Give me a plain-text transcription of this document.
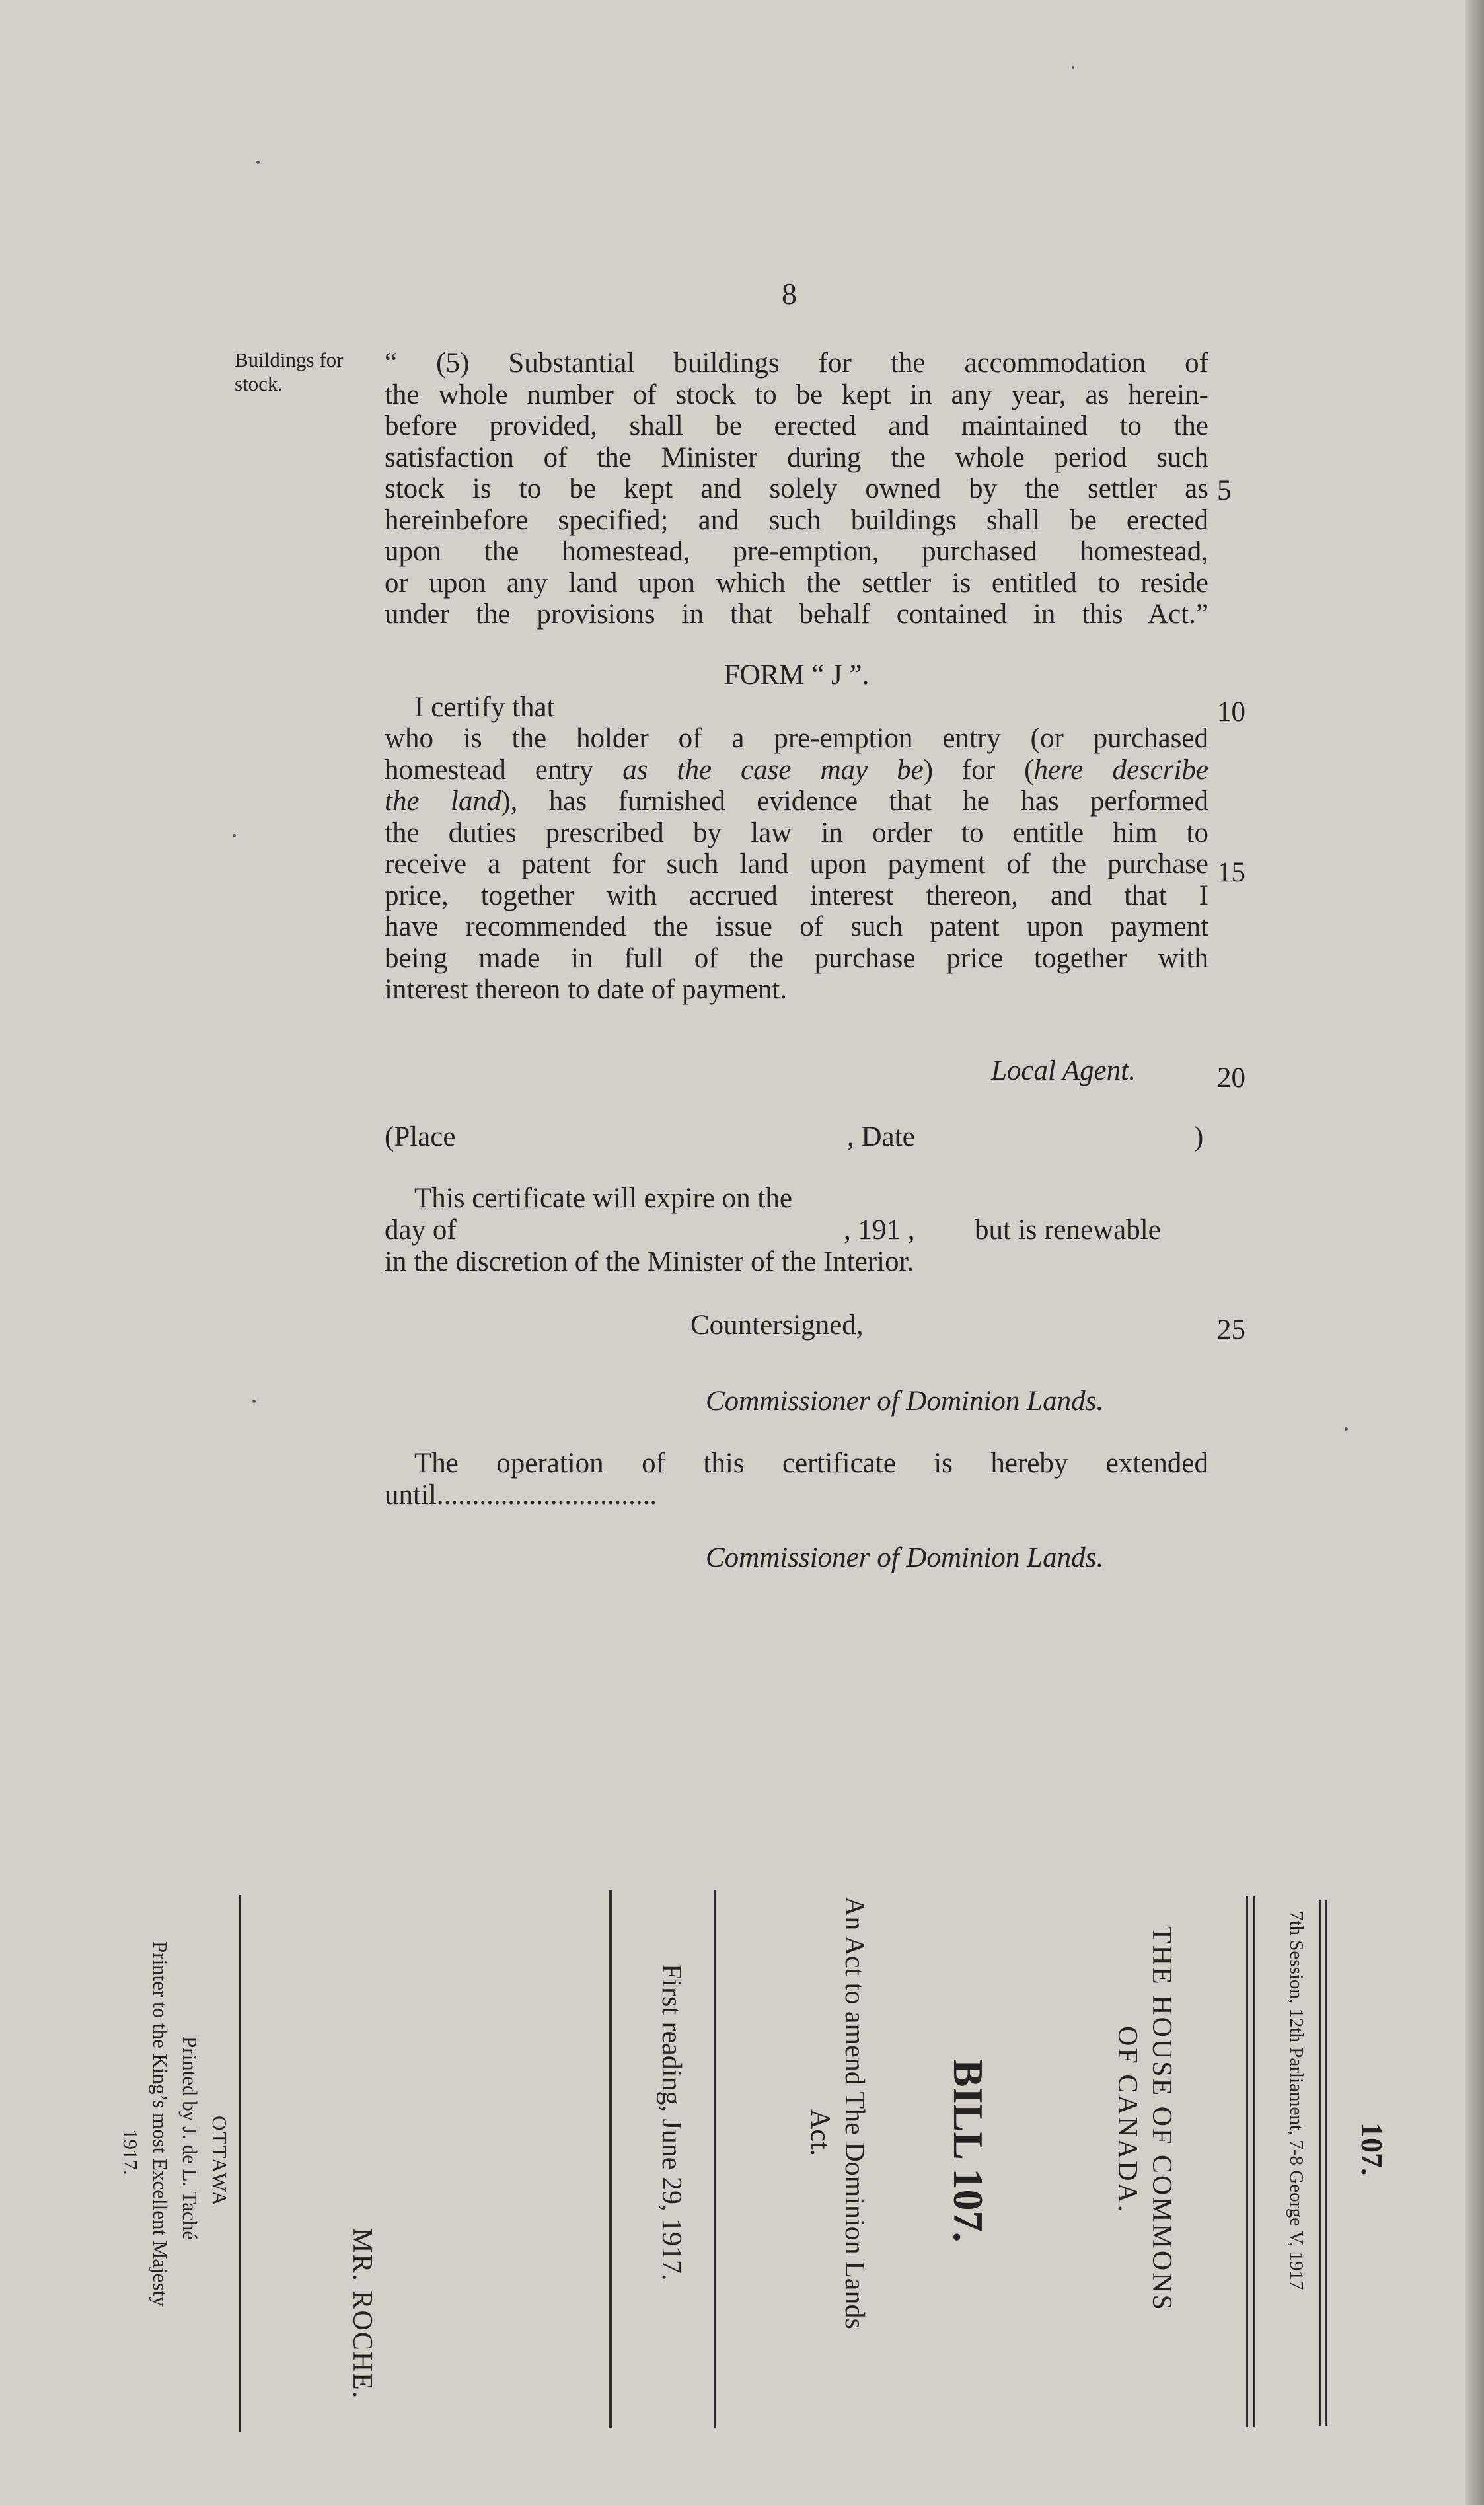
8
Buildings for
stock.
“ (5) Substantial buildings for the accommodation of
the whole number of stock to be kept in any year, as herein-
before provided, shall be erected and maintained to the
satisfaction of the Minister during the whole period such
stock is to be kept and solely owned by the settler as
hereinbefore specified; and such buildings shall be erected
upon the homestead, pre-emption, purchased homestead,
or upon any land upon which the settler is entitled to reside
under the provisions in that behalf contained in this Act.”
FORM “ J ”.
I certify that
who is the holder of a pre-emption entry (or purchased
homestead entry as the case may be) for (here describe
the land), has furnished evidence that he has performed
the duties prescribed by law in order to entitle him to
receive a patent for such land upon payment of the purchase
price, together with accrued interest thereon, and that I
have recommended the issue of such patent upon payment
being made in full of the purchase price together with
interest thereon to date of payment.
Local Agent.
(Place	, Date	)
This certificate will expire on the
day of	, 191 , but is renewable
in the discretion of the Minister of the Interior.
Countersigned,
Commissioner of Dominion Lands.
The operation of this certificate is hereby extended
until...............................
Commissioner of Dominion Lands.
5
10
15
20
25
107.
7th Session, 12th Parliament, 7-8 George V, 1917
THE HOUSE OF COMMONS
OF CANADA.
BILL 107.
An Act to amend The Dominion Lands
Act.
First reading, June 29, 1917.
MR. ROCHE.
OTTAWA
Printed by J. de L. Taché
Printer to the King’s most Excellent Majesty
1917.
